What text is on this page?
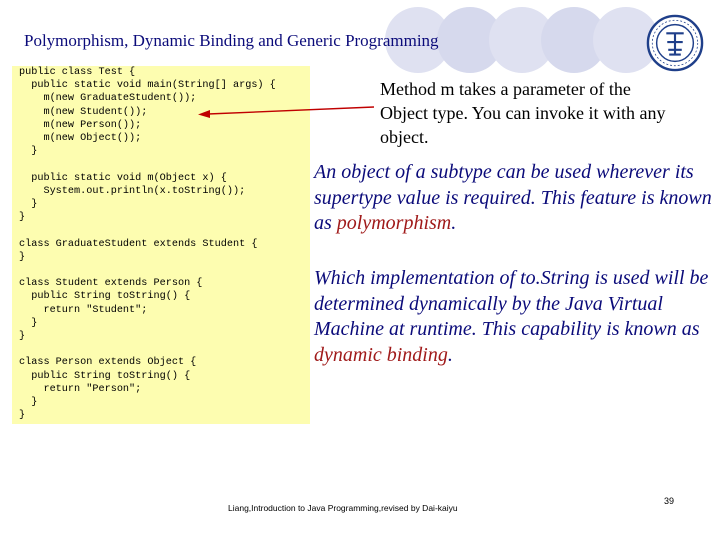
Polymorphism, Dynamic Binding and Generic Programming
public class Test {
public static void main(String[] args) {
m(new GraduateStudent());
m(new Student());
m(new Person());
m(new Object());
}

public static void m(Object x) {
System.out.println(x.toString());
}
}

class GraduateStudent extends Student {
}

class Student extends Person {
public String toString() {
return "Student";
}
}

class Person extends Object {
public String toString() {
return "Person";
}
}
Method m takes a parameter of the Object type. You can invoke it with any object.
An object of a subtype can be used wherever its supertype value is required. This feature is known as polymorphism.
Which implementation of to.String is used will be determined dynamically by the Java Virtual Machine at runtime. This capability is known as dynamic binding.
Liang,Introduction to Java Programming,revised by Dai-kaiyu
39
